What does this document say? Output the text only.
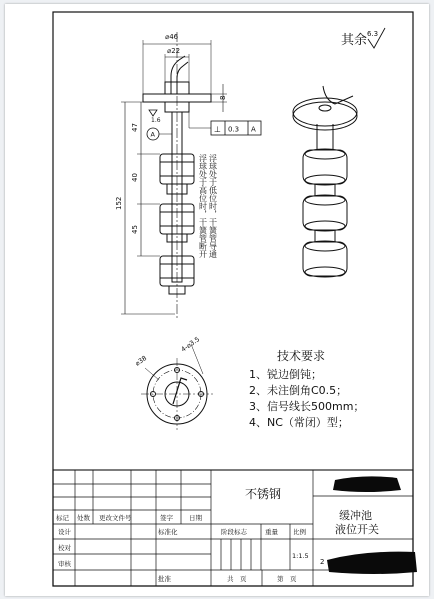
其余 6.3
⌀46
⌀22
8
47
40
45
152
1.6
A
⊥ 0.3 A
浮球处于高位时，干簧管断开 浮球处于低位时，干簧管导通
⌀38
4-⌀3.5
技术要求
1、锐边倒钝；
2、未注倒角C0.5；
3、信号线长500mm；
4、NC（常闭）型；
不锈钢
缓冲池
液位开关
标记 处数 更改文件号	签字 日期
设计
校对
审核
标准化
批准
阶段标志	重量 比例
1:1.5
共　页	第　页
2
